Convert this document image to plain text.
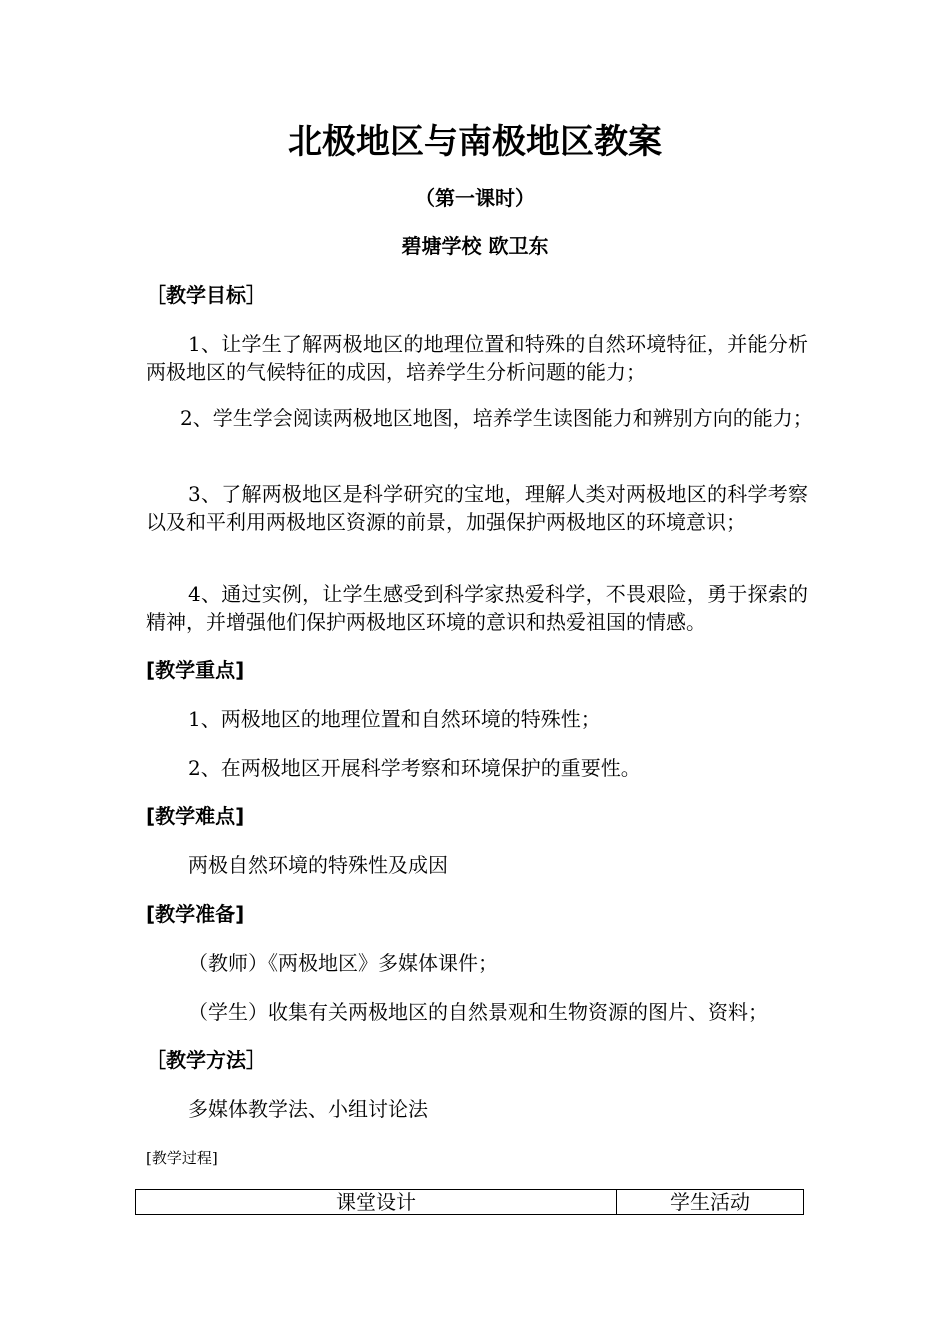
北极地区与南极地区教案
（第一课时）
碧塘学校 欧卫东
［教学目标］
1、让学生了解两极地区的地理位置和特殊的自然环境特征，并能分析两极地区的气候特征的成因，培养学生分析问题的能力；
2、学生学会阅读两极地区地图，培养学生读图能力和辨别方向的能力；
3、了解两极地区是科学研究的宝地，理解人类对两极地区的科学考察以及和平利用两极地区资源的前景，加强保护两极地区的环境意识；
4、通过实例，让学生感受到科学家热爱科学，不畏艰险，勇于探索的精神，并增强他们保护两极地区环境的意识和热爱祖国的情感。
[教学重点]
1、两极地区的地理位置和自然环境的特殊性；
2、在两极地区开展科学考察和环境保护的重要性。
[教学难点]
两极自然环境的特殊性及成因
[教学准备]
（教师）《两极地区》多媒体课件；
（学生）收集有关两极地区的自然景观和生物资源的图片、资料；
［教学方法］
多媒体教学法、小组讨论法
[教学过程]
课堂设计	学生活动
